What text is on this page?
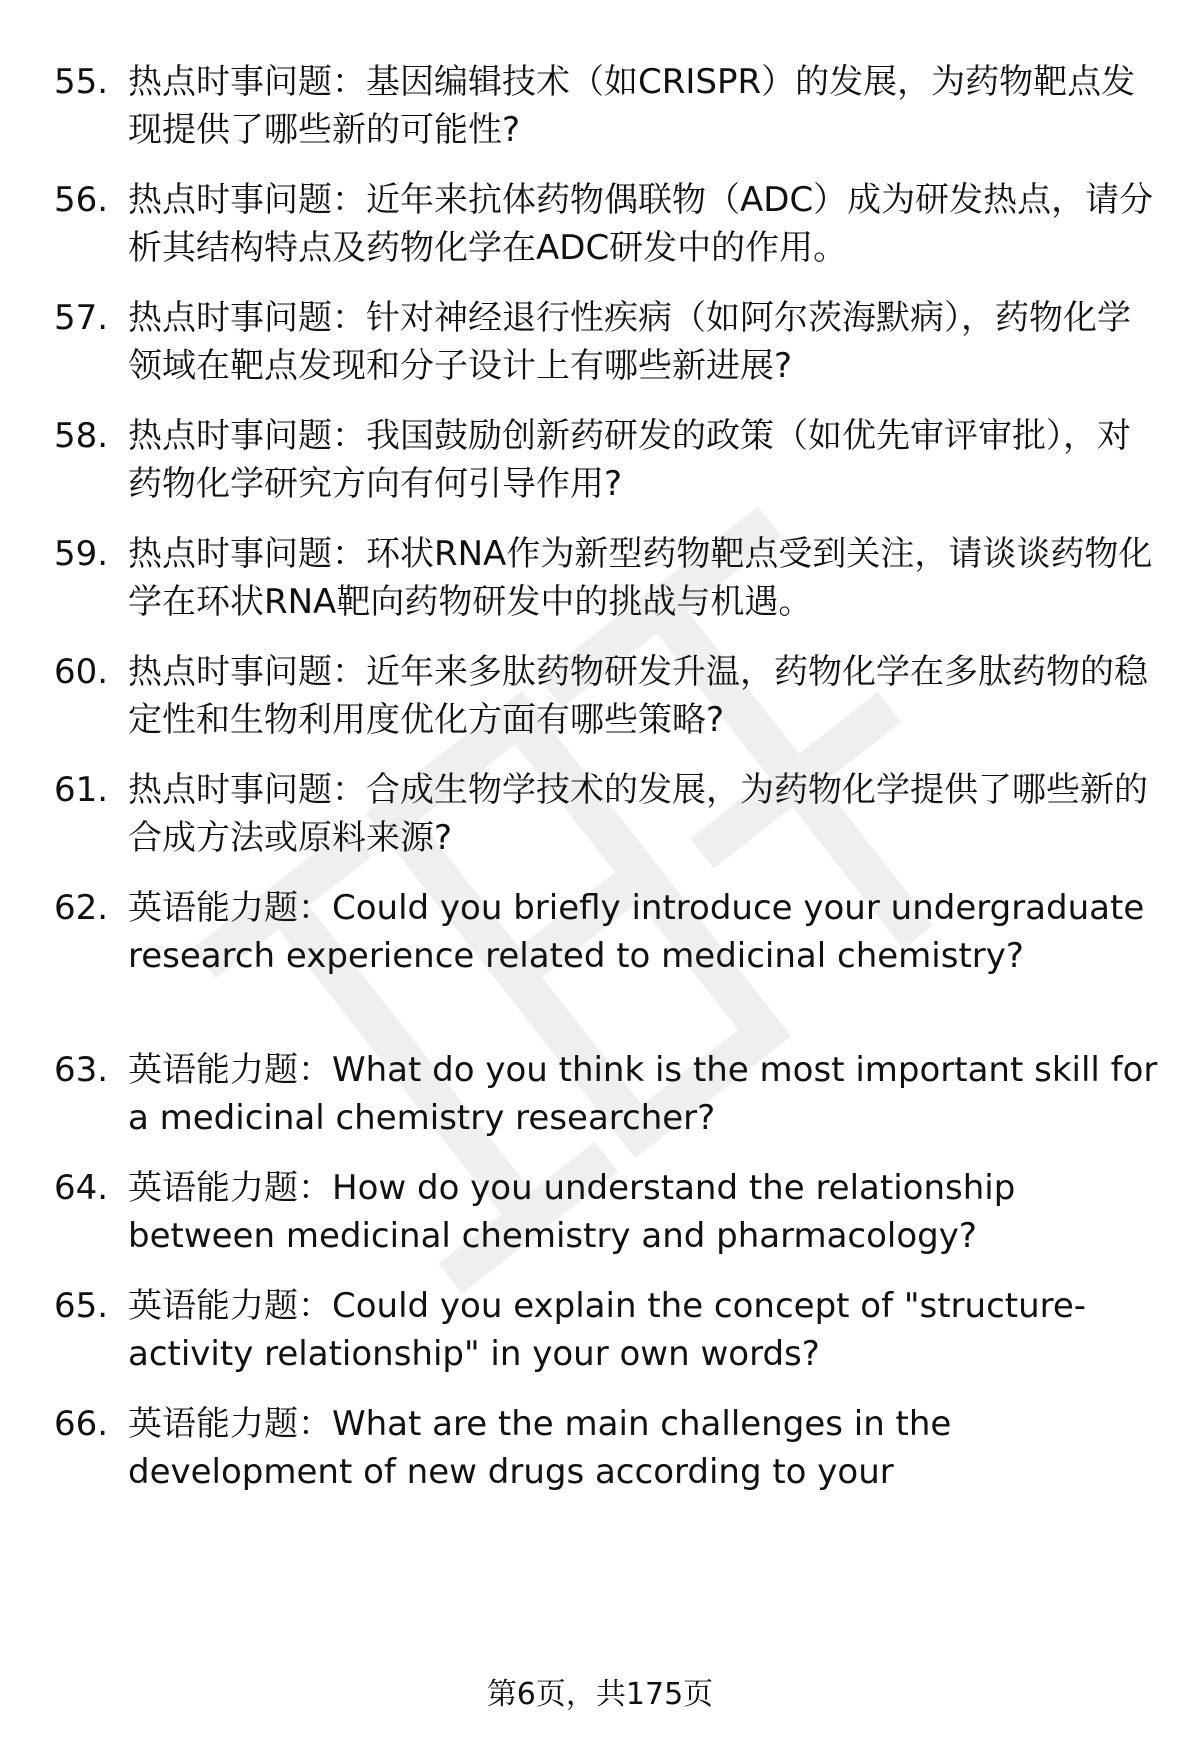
55. 热点时事问题：基因编辑技术（如CRISPR）的发展，为药物靶点发现提供了哪些新的可能性?
56. 热点时事问题：近年来抗体药物偶联物（ADC）成为研发热点，请分析其结构特点及药物化学在ADC研发中的作用。
57. 热点时事问题：针对神经退行性疾病（如阿尔茨海默病），药物化学领域在靶点发现和分子设计上有哪些新进展?
58. 热点时事问题：我国鼓励创新药研发的政策（如优先审评审批），对药物化学研究方向有何引导作用?
59. 热点时事问题：环状RNA作为新型药物靶点受到关注，请谈谈药物化学在环状RNA靶向药物研发中的挑战与机遇。
60. 热点时事问题：近年来多肽药物研发升温，药物化学在多肽药物的稳定性和生物利用度优化方面有哪些策略?
61. 热点时事问题：合成生物学技术的发展，为药物化学提供了哪些新的合成方法或原料来源?
62. 英语能力题：Could you briefly introduce your undergraduate research experience related to medicinal chemistry?
63. 英语能力题：What do you think is the most important skill for a medicinal chemistry researcher?
64. 英语能力题：How do you understand the relationship between medicinal chemistry and pharmacology?
65. 英语能力题：Could you explain the concept of "structure-activity relationship" in your own words?
66. 英语能力题：What are the main challenges in the development of new drugs according to your
第6页，共175页
